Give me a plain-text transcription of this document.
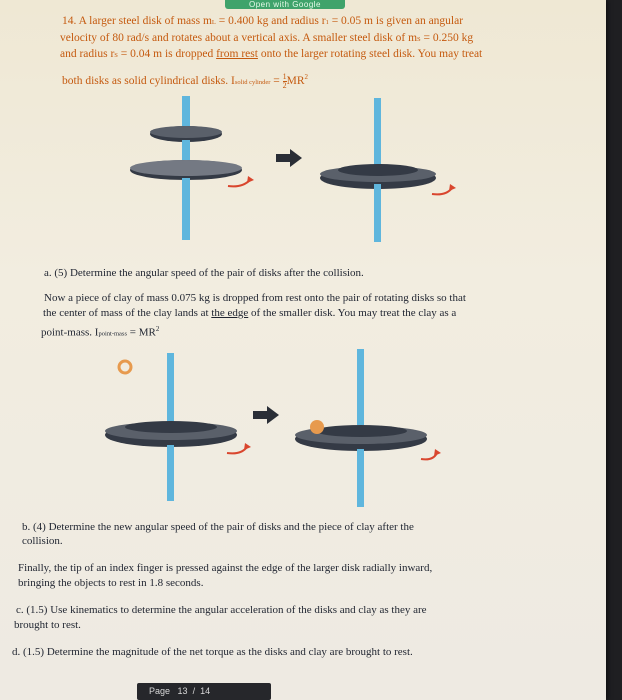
Open with Google
14. A larger steel disk of mass mL = 0.400 kg and radius r1 = 0.05 m is given an angular
velocity of 80 rad/s and rotates about a vertical axis. A smaller steel disk of mS = 0.250 kg
and radius rS = 0.04 m is dropped from rest onto the larger rotating steel disk. You may treat
both disks as solid cylindrical disks. Isolid cylinder = $\frac{1}{2} MR^2$
a. (5) Determine the angular speed of the pair of disks after the collision.
Now a piece of clay of mass 0.075 kg is dropped from rest onto the pair of rotating disks so that
the center of mass of the clay lands at the edge of the smaller disk. You may treat the clay as a
point-mass. Ipoint-mass = $MR^2$
b. (4) Determine the new angular speed of the pair of disks and the piece of clay after the
collision.
Finally, the tip of an index finger is pressed against the edge of the larger disk radially inward,
bringing the objects to rest in 1.8 seconds.
c. (1.5) Use kinematics to determine the angular acceleration of the disks and clay as they are
brought to rest.
d. (1.5) Determine the magnitude of the net torque as the disks and clay are brought to rest.
Page 13 / 14
